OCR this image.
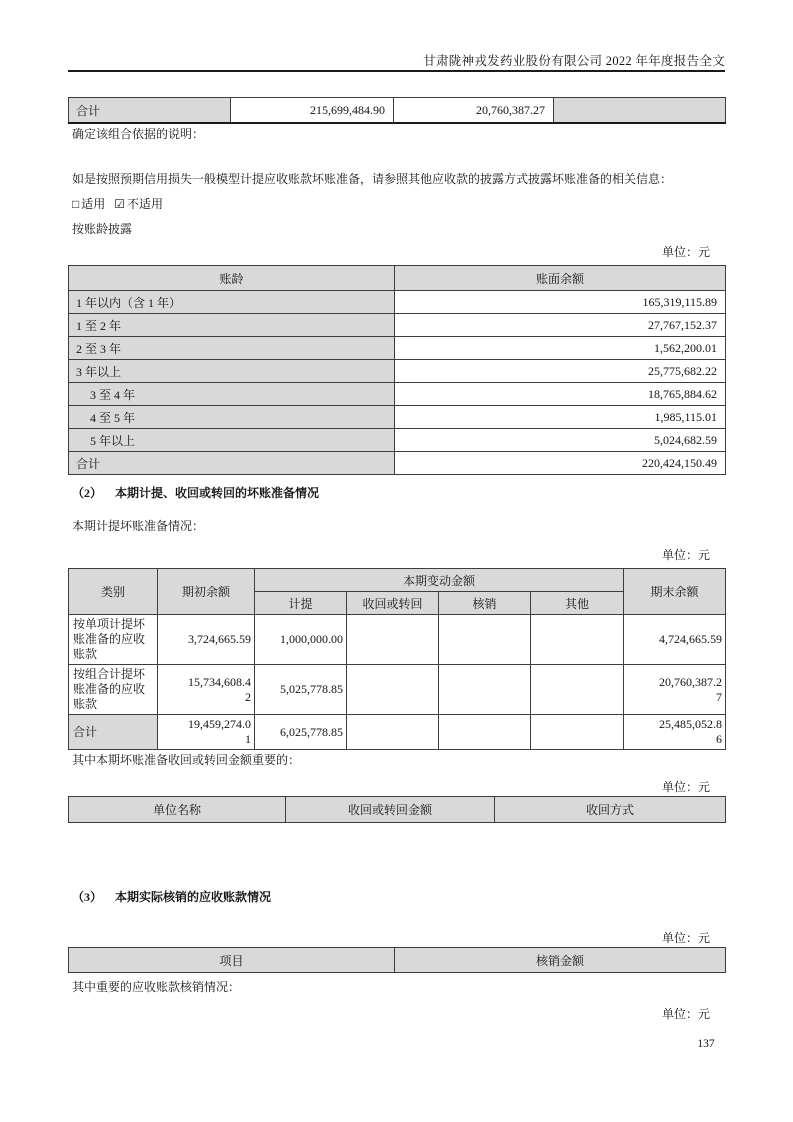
甘肃陇神戎发药业股份有限公司 2022 年年度报告全文
合计	215,699,484.90	20,760,387.27	

确定该组合依据的说明：

如是按照预期信用损失一般模型计提应收账款坏账准备，请参照其他应收款的披露方式披露坏账准备的相关信息：

□ 适用 ☑ 不适用

按账龄披露

单位：元
账龄	账面余额
1 年以内（含 1 年）	165,319,115.89
1 至 2 年	27,767,152.37
2 至 3 年	1,562,200.01
3 年以上	25,775,682.22
3 至 4 年	18,765,884.62
4 至 5 年	1,985,115.01
5 年以上	5,024,682.59
合计	220,424,150.49

（2） 本期计提、收回或转回的坏账准备情况

本期计提坏账准备情况：

单位：元
类别	期初余额	本期变动金额				期末余额
		计提	收回或转回	核销	其他	
按单项计提坏账准备的应收账款	3,724,665.59	1,000,000.00				4,724,665.59

按组合计提坏账准备的应收账款	15,734,608.42	5,025,778.85				20,760,387.27

合计	19,459,274.01	6,025,778.85				25,485,052.86

其中本期坏账准备收回或转回金额重要的：

单位：元
单位名称	收回或转回金额	收回方式

（3） 本期实际核销的应收账款情况

单位：元
项目	核销金额

其中重要的应收账款核销情况：

单位：元
137
